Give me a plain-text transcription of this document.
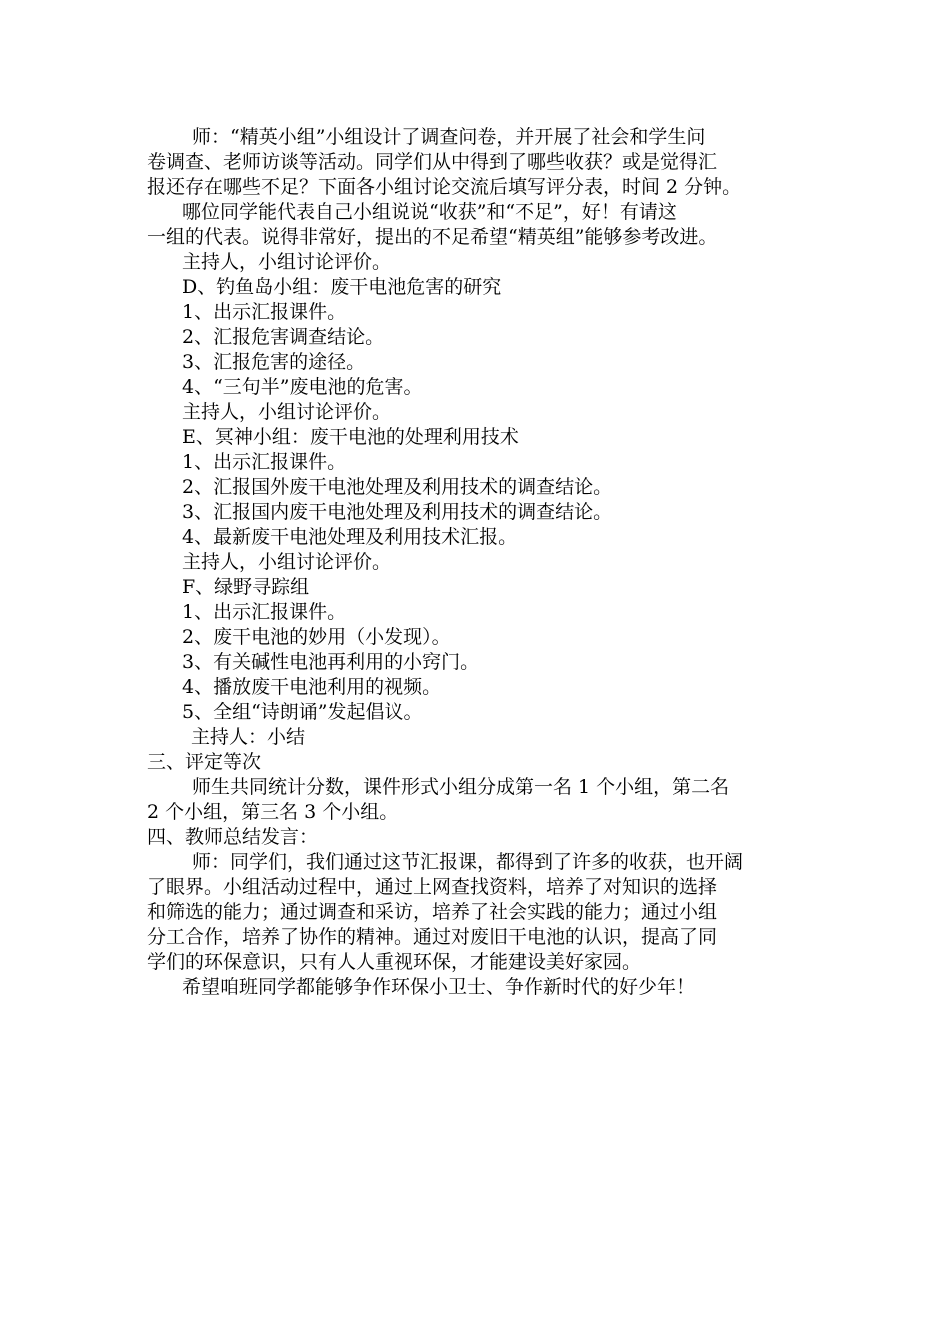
师：“精英小组”小组设计了调查问卷，并开展了社会和学生问
卷调查、老师访谈等活动。同学们从中得到了哪些收获？或是觉得汇
报还存在哪些不足？下面各小组讨论交流后填写评分表，时间 2 分钟。
哪位同学能代表自己小组说说“收获”和“不足”，好！有请这
一组的代表。说得非常好，提出的不足希望“精英组”能够参考改进。
主持人，小组讨论评价。
D、钓鱼岛小组：废干电池危害的研究
1、出示汇报课件。
2、汇报危害调查结论。
3、汇报危害的途径。
4、“三句半”废电池的危害。
主持人，小组讨论评价。
E、冥神小组：废干电池的处理利用技术
1、出示汇报课件。
2、汇报国外废干电池处理及利用技术的调查结论。
3、汇报国内废干电池处理及利用技术的调查结论。
4、最新废干电池处理及利用技术汇报。
主持人，小组讨论评价。
F、绿野寻踪组
1、出示汇报课件。
2、废干电池的妙用（小发现）。
3、有关碱性电池再利用的小窍门。
4、播放废干电池利用的视频。
5、全组“诗朗诵”发起倡议。
主持人：小结
三、评定等次
师生共同统计分数，课件形式小组分成第一名 1 个小组，第二名
2 个小组，第三名 3 个小组。
四、教师总结发言：
师：同学们，我们通过这节汇报课，都得到了许多的收获，也开阔
了眼界。小组活动过程中，通过上网查找资料，培养了对知识的选择
和筛选的能力；通过调查和采访，培养了社会实践的能力；通过小组
分工合作，培养了协作的精神。通过对废旧干电池的认识，提高了同
学们的环保意识，只有人人重视环保，才能建设美好家园。
希望咱班同学都能够争作环保小卫士、争作新时代的好少年！
